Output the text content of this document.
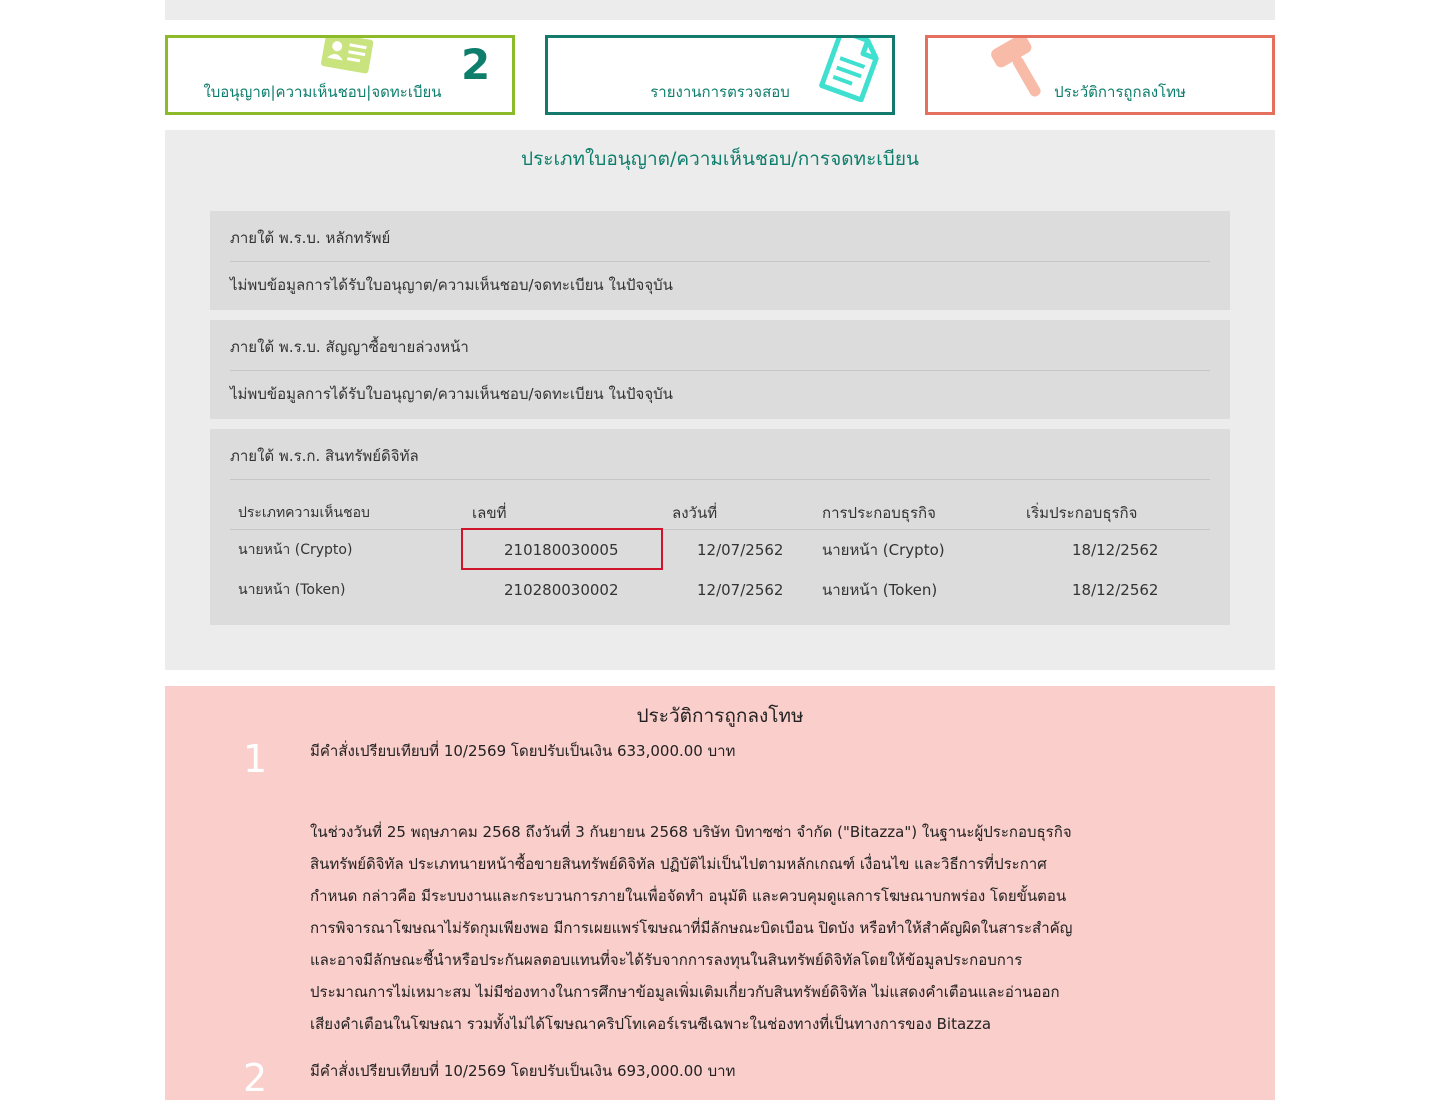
2
ใบอนุญาต|ความเห็นชอบ|จดทะเบียน	รายงานการตรวจสอบ	ประวัติการถูกลงโทษ
ประเภทใบอนุญาต/ความเห็นชอบ/การจดทะเบียน
ภายใต้ พ.ร.บ. หลักทรัพย์
ไม่พบข้อมูลการได้รับใบอนุญาต/ความเห็นชอบ/จดทะเบียน ในปัจจุบัน
ภายใต้ พ.ร.บ. สัญญาซื้อขายล่วงหน้า
ไม่พบข้อมูลการได้รับใบอนุญาต/ความเห็นชอบ/จดทะเบียน ในปัจจุบัน
ภายใต้ พ.ร.ก. สินทรัพย์ดิจิทัล
ประเภทความเห็นชอบ	เลขที่	ลงวันที่	การประกอบธุรกิจ	เริ่มประกอบธุรกิจ
นายหน้า (Crypto)	210180030005	12/07/2562	นายหน้า (Crypto)	18/12/2562
นายหน้า (Token)	210280030002	12/07/2562	นายหน้า (Token)	18/12/2562
ประวัติการถูกลงโทษ
1	มีคำสั่งเปรียบเทียบที่ 10/2569 โดยปรับเป็นเงิน 633,000.00 บาท
ในช่วงวันที่ 25 พฤษภาคม 2568 ถึงวันที่ 3 กันยายน 2568 บริษัท บิทาซซ่า จำกัด ("Bitazza") ในฐานะผู้ประกอบธุรกิจ
สินทรัพย์ดิจิทัล ประเภทนายหน้าซื้อขายสินทรัพย์ดิจิทัล ปฏิบัติไม่เป็นไปตามหลักเกณฑ์ เงื่อนไข และวิธีการที่ประกาศ
กำหนด กล่าวคือ มีระบบงานและกระบวนการภายในเพื่อจัดทำ อนุมัติ และควบคุมดูแลการโฆษณาบกพร่อง โดยขั้นตอน
การพิจารณาโฆษณาไม่รัดกุมเพียงพอ มีการเผยแพร่โฆษณาที่มีลักษณะบิดเบือน ปิดบัง หรือทำให้สำคัญผิดในสาระสำคัญ
และอาจมีลักษณะชี้นำหรือประกันผลตอบแทนที่จะได้รับจากการลงทุนในสินทรัพย์ดิจิทัลโดยให้ข้อมูลประกอบการ
ประมาณการไม่เหมาะสม ไม่มีช่องทางในการศึกษาข้อมูลเพิ่มเติมเกี่ยวกับสินทรัพย์ดิจิทัล ไม่แสดงคำเตือนและอ่านออก
เสียงคำเตือนในโฆษณา รวมทั้งไม่ได้โฆษณาคริปโทเคอร์เรนซีเฉพาะในช่องทางที่เป็นทางการของ Bitazza
2	มีคำสั่งเปรียบเทียบที่ 10/2569 โดยปรับเป็นเงิน 693,000.00 บาท
